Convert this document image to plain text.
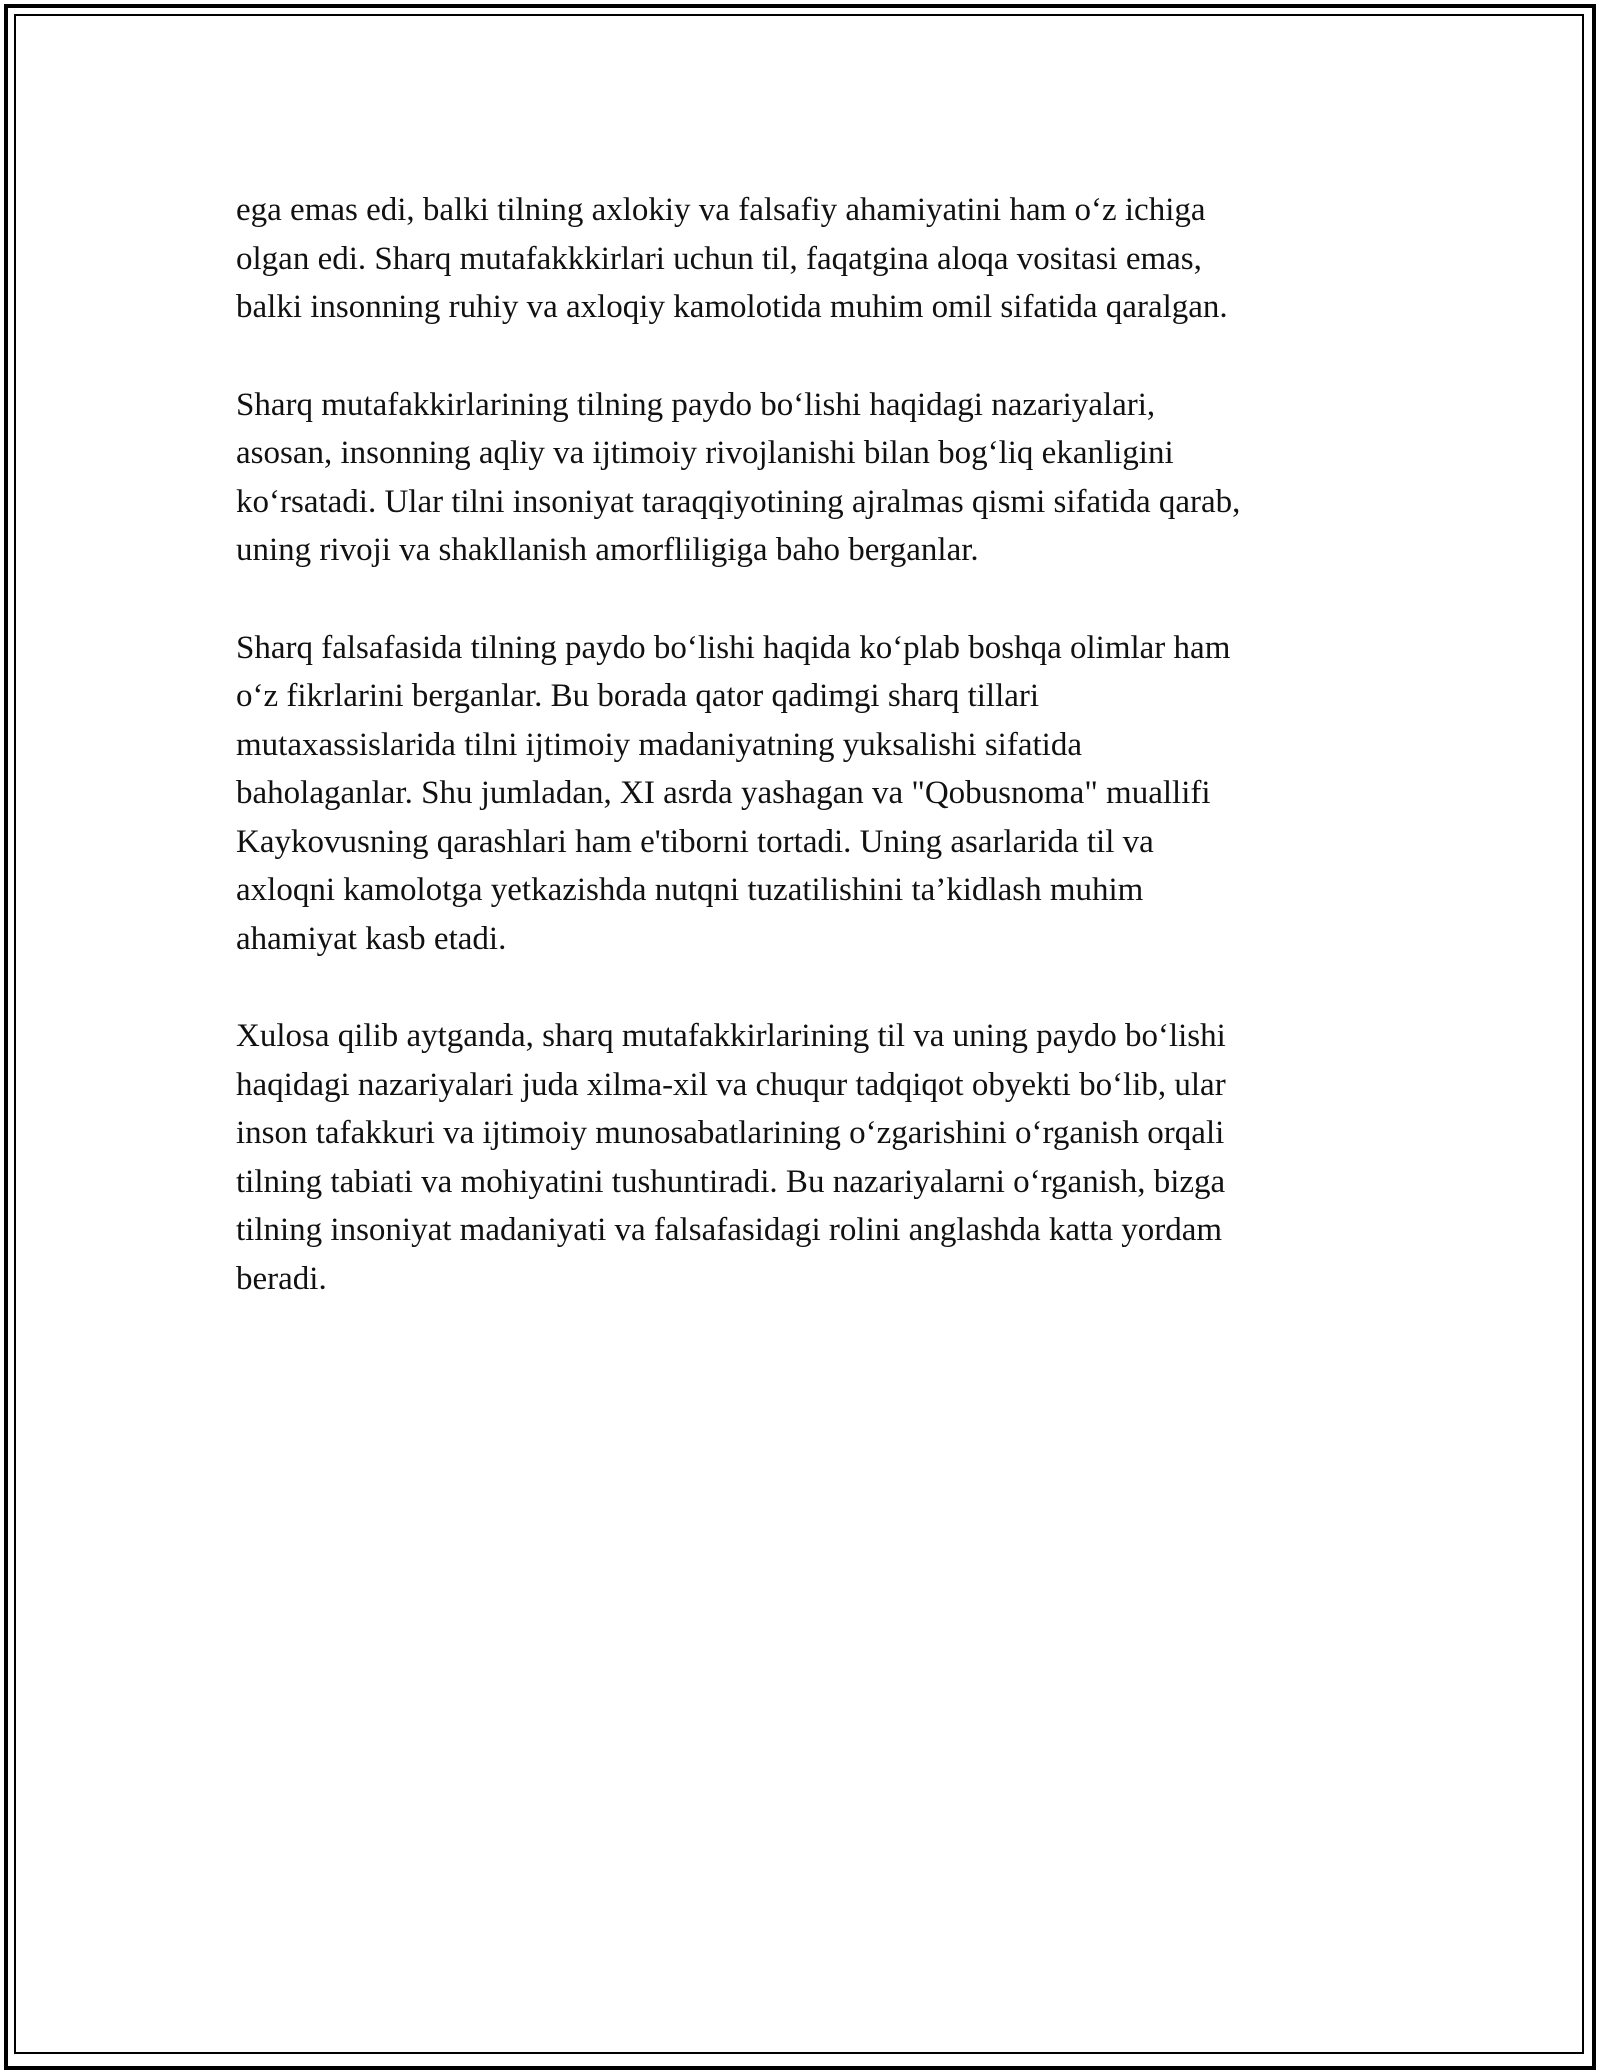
ega emas edi, balki tilning axlokiy va falsafiy ahamiyatini ham o‘z ichiga
olgan edi. Sharq mutafakkkirlari uchun til, faqatgina aloqa vositasi emas,
balki insonning ruhiy va axloqiy kamolotida muhim omil sifatida qaralgan.

Sharq mutafakkirlarining tilning paydo bo‘lishi haqidagi nazariyalari,
asosan, insonning aqliy va ijtimoiy rivojlanishi bilan bog‘liq ekanligini
ko‘rsatadi. Ular tilni insoniyat taraqqiyotining ajralmas qismi sifatida qarab,
uning rivoji va shakllanish amorfliligiga baho berganlar.

Sharq falsafasida tilning paydo bo‘lishi haqida ko‘plab boshqa olimlar ham
o‘z fikrlarini berganlar. Bu borada qator qadimgi sharq tillari
mutaxassislarida tilni ijtimoiy madaniyatning yuksalishi sifatida
baholaganlar. Shu jumladan, XI asrda yashagan va "Qobusnoma" muallifi
Kaykovusning qarashlari ham e'tiborni tortadi. Uning asarlarida til va
axloqni kamolotga yetkazishda nutqni tuzatilishini ta’kidlash muhim
ahamiyat kasb etadi.

Xulosa qilib aytganda, sharq mutafakkirlarining til va uning paydo bo‘lishi
haqidagi nazariyalari juda xilma-xil va chuqur tadqiqot obyekti bo‘lib, ular
inson tafakkuri va ijtimoiy munosabatlarining o‘zgarishini o‘rganish orqali
tilning tabiati va mohiyatini tushuntiradi. Bu nazariyalarni o‘rganish, bizga
tilning insoniyat madaniyati va falsafasidagi rolini anglashda katta yordam
beradi.
